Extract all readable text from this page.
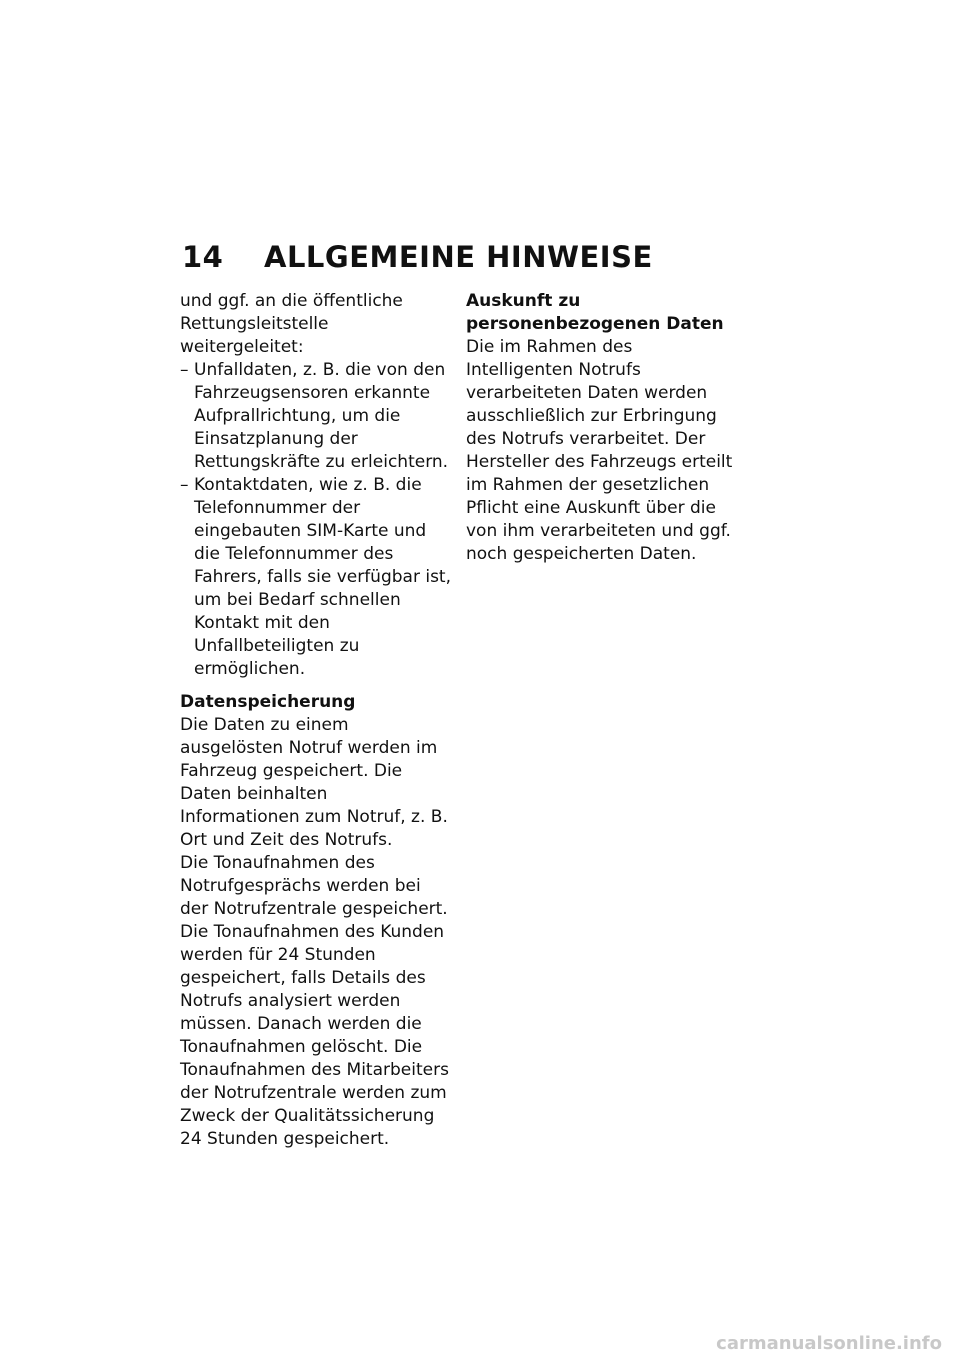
14 ALLGEMEINE HINWEISE

und ggf. an die öffentliche Rettungsleitstelle weitergeleitet:

– Unfalldaten, z. B. die von den Fahrzeugsensoren erkannte Aufprallrichtung, um die Einsatzplanung der Rettungskräfte zu erleichtern.
– Kontaktdaten, wie z. B. die Telefonnummer der eingebauten SIM-Karte und die Telefonnummer des Fahrers, falls sie verfügbar ist, um bei Bedarf schnellen Kontakt mit den Unfallbeteiligten zu ermöglichen.

Datenspeicherung

Die Daten zu einem ausgelösten Notruf werden im Fahrzeug gespeichert. Die Daten beinhalten Informationen zum Notruf, z. B. Ort und Zeit des Notrufs.

Die Tonaufnahmen des Notrufgesprächs werden bei der Notrufzentrale gespeichert.

Die Tonaufnahmen des Kunden werden für 24 Stunden gespeichert, falls Details des Notrufs analysiert werden müssen. Danach werden die Tonaufnahmen gelöscht. Die Tonaufnahmen des Mitarbeiters der Notrufzentrale werden zum Zweck der Qualitätssicherung 24 Stunden gespeichert.

Auskunft zu personenbezogenen Daten

Die im Rahmen des Intelligenten Notrufs verarbeiteten Daten werden ausschließlich zur Erbringung des Notrufs verarbeitet. Der Hersteller des Fahrzeugs erteilt im Rahmen der gesetzlichen Pflicht eine Auskunft über die von ihm verarbeiteten und ggf. noch gespeicherten Daten.

carmanualsonline.info
